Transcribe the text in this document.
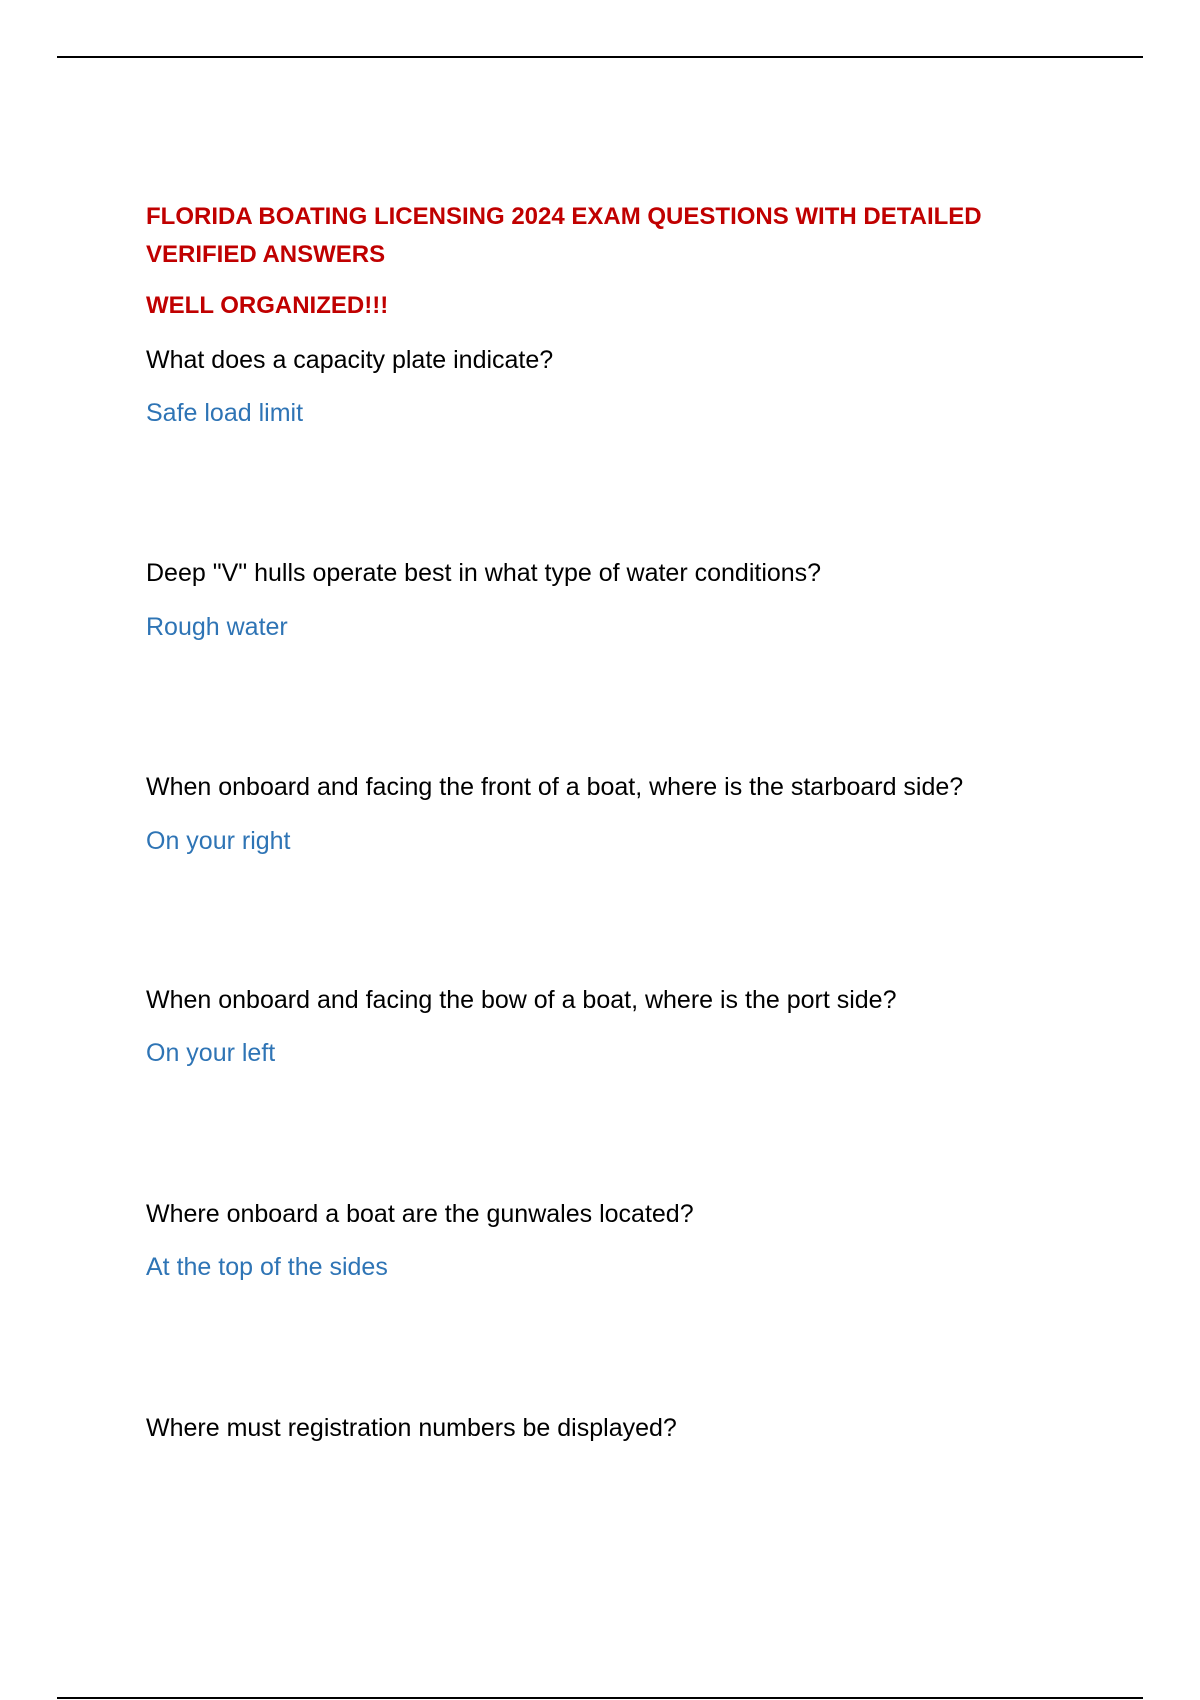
FLORIDA BOATING LICENSING 2024 EXAM QUESTIONS WITH DETAILED VERIFIED ANSWERS
WELL ORGANIZED!!!

What does a capacity plate indicate?

Safe load limit

Deep "V" hulls operate best in what type of water conditions?

Rough water

When onboard and facing the front of a boat, where is the starboard side?

On your right

When onboard and facing the bow of a boat, where is the port side?

On your left

Where onboard a boat are the gunwales located?

At the top of the sides

Where must registration numbers be displayed?
